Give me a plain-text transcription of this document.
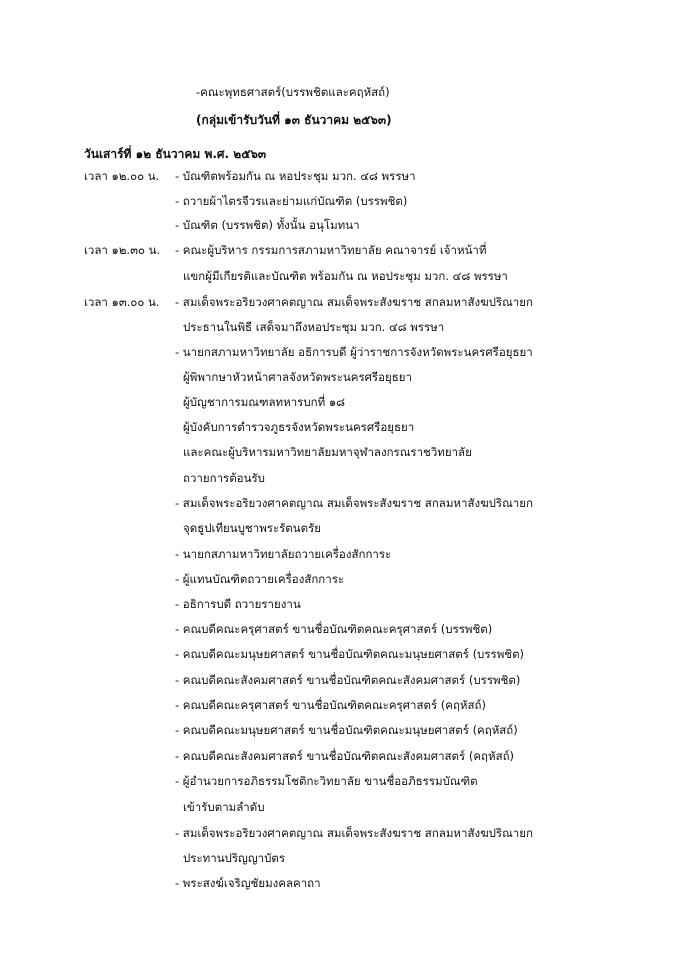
-คณะพุทธศาสตร์(บรรพชิตและคฤหัสถ์)
(กลุ่มเข้ารับวันที่ ๑๓ ธันวาคม ๒๕๖๓)
วันเสาร์ที่ ๑๒ ธันวาคม พ.ศ. ๒๕๖๓
เวลา ๑๒.๐๐ น.
เวลา ๑๒.๓๐ น.
เวลา ๑๓.๐๐ น.
- บัณฑิตพร้อมกัน ณ หอประชุม มวก. ๔๘ พรรษา
- ถวายผ้าไตรจีวรและย่ามแก่บัณฑิต (บรรพชิต)
- บัณฑิต (บรรพชิต) ทั้งนั้น อนุโมทนา
- คณะผู้บริหาร กรรมการสภามหาวิทยาลัย คณาจารย์ เจ้าหน้าที่
แขกผู้มีเกียรติและบัณฑิต พร้อมกัน ณ หอประชุม มวก. ๔๘ พรรษา
- สมเด็จพระอริยวงศาคตญาณ สมเด็จพระสังฆราช สกลมหาสังฆปริณายก
ประธานในพิธี เสด็จมาถึงหอประชุม มวก. ๔๘ พรรษา
- นายกสภามหาวิทยาลัย อธิการบดี ผู้ว่าราชการจังหวัดพระนครศรีอยุธยา
ผู้พิพากษาหัวหน้าศาลจังหวัดพระนครศรีอยุธยา
ผู้บัญชาการมณฑลทหารบกที่ ๑๘
ผู้บังคับการตำรวจภูธรจังหวัดพระนครศรีอยุธยา
และคณะผู้บริหารมหาวิทยาลัยมหาจุฬาลงกรณราชวิทยาลัย
ถวายการต้อนรับ
- สมเด็จพระอริยวงศาคตญาณ สมเด็จพระสังฆราช สกลมหาสังฆปริณายก
จุดธูปเทียนบูชาพระรัตนตรัย
- นายกสภามหาวิทยาลัยถวายเครื่องสักการะ
- ผู้แทนบัณฑิตถวายเครื่องสักการะ
- อธิการบดี ถวายรายงาน
- คณบดีคณะครุศาสตร์ ขานชื่อบัณฑิตคณะครุศาสตร์ (บรรพชิต)
- คณบดีคณะมนุษยศาสตร์ ขานชื่อบัณฑิตคณะมนุษยศาสตร์ (บรรพชิต)
- คณบดีคณะสังคมศาสตร์ ขานชื่อบัณฑิตคณะสังคมศาสตร์ (บรรพชิต)
- คณบดีคณะครุศาสตร์ ขานชื่อบัณฑิตคณะครุศาสตร์ (คฤหัสถ์)
- คณบดีคณะมนุษยศาสตร์ ขานชื่อบัณฑิตคณะมนุษยศาสตร์ (คฤหัสถ์)
- คณบดีคณะสังคมศาสตร์ ขานชื่อบัณฑิตคณะสังคมศาสตร์ (คฤหัสถ์)
- ผู้อำนวยการอภิธรรมโชติกะวิทยาลัย ขานชื่ออภิธรรมบัณฑิต
เข้ารับตามลำดับ
- สมเด็จพระอริยวงศาคตญาณ สมเด็จพระสังฆราช สกลมหาสังฆปริณายก
ประทานปริญญาบัตร
- พระสงฆ์เจริญชัยมงคลคาถา
